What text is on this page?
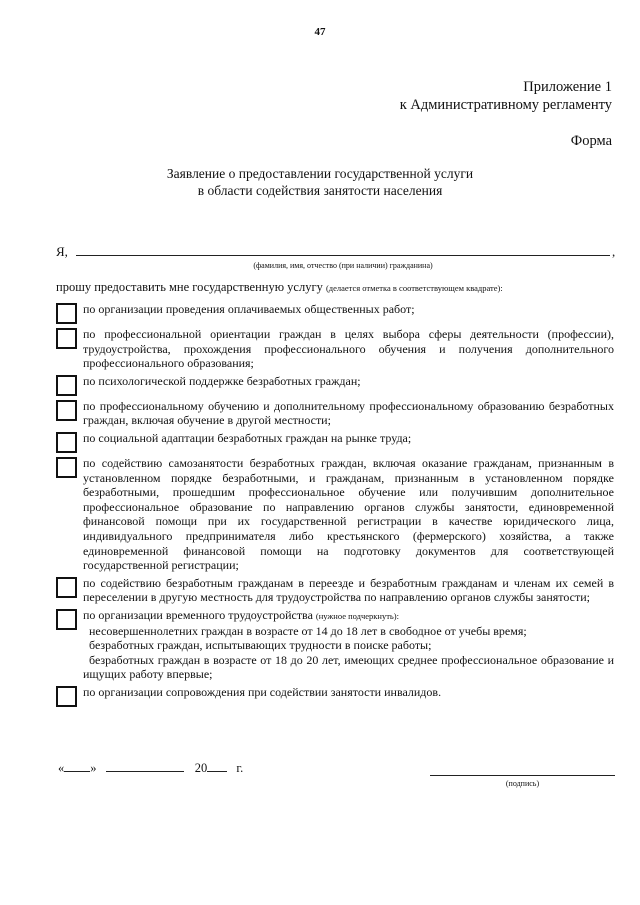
47
Приложение 1
к Административному регламенту
Форма
Заявление о предоставлении государственной услуги
в области содействия занятости населения
Я,	,
(фамилия, имя, отчество (при наличии) гражданина)
прошу предоставить мне государственную услугу (делается отметка в соответствующем квадрате):
по организации проведения оплачиваемых общественных работ;
по профессиональной ориентации граждан в целях выбора сферы деятельности (профессии), трудоустройства, прохождения профессионального обучения и получения дополнительного профессионального образования;
по психологической поддержке безработных граждан;
по профессиональному обучению и дополнительному профессиональному образованию безработных граждан, включая обучение в другой местности;
по социальной адаптации безработных граждан на рынке труда;
по содействию самозанятости безработных граждан, включая оказание гражданам, признанным в установленном порядке безработными, и гражданам, признанным в установленном порядке безработными, прошедшим профессиональное обучение или получившим дополнительное профессиональное образование по направлению органов службы занятости, единовременной финансовой помощи при их государственной регистрации в качестве юридического лица, индивидуального предпринимателя либо крестьянского (фермерского) хозяйства, а также единовременной финансовой помощи на подготовку документов для соответствующей государственной регистрации;
по содействию безработным гражданам в переезде и безработным гражданам и членам их семей в переселении в другую местность для трудоустройства по направлению органов службы занятости;
по организации временного трудоустройства (нужное подчеркнуть):
несовершеннолетних граждан в возрасте от 14 до 18 лет в свободное от учебы время;
безработных граждан, испытывающих трудности в поиске работы;
безработных граждан в возрасте от 18 до 20 лет, имеющих среднее профессиональное образование и ищущих работу впервые;
по организации сопровождения при содействии занятости инвалидов.
« »	20 г.
(подпись)
